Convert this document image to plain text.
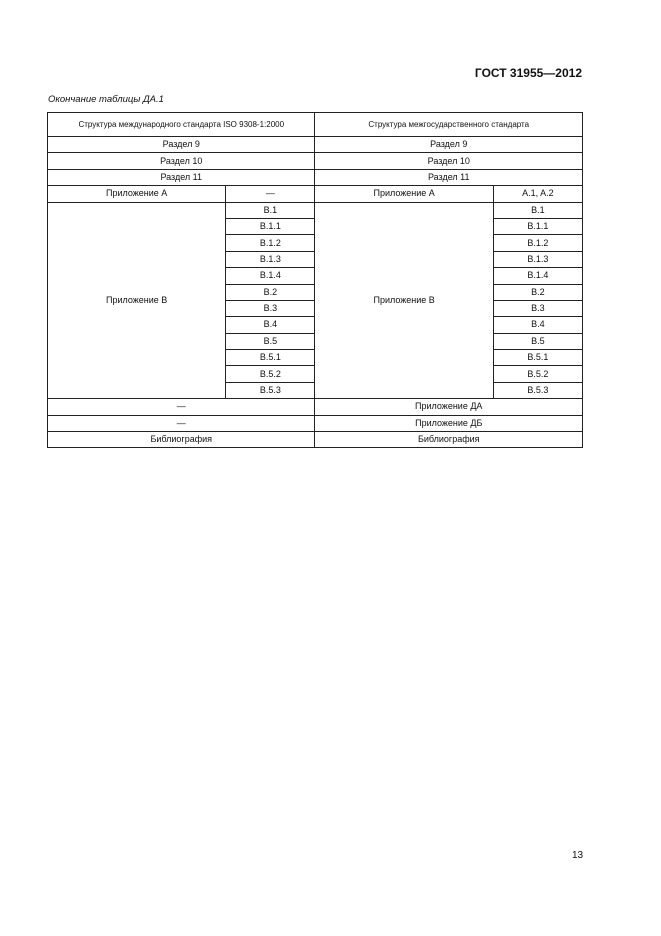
ГОСТ 31955—2012
Окончание таблицы ДА.1
Структура международного стандарта ISO 9308-1:2000		Структура межгосударственного стандарта	
Раздел 9		Раздел 9	
Раздел 10		Раздел 10	
Раздел 11		Раздел 11	
Приложение А	—	Приложение А	A.1, A.2
Приложение В	B.1	Приложение В	B.1
	B.1.1		B.1.1
	B.1.2		B.1.2
	B.1.3		B.1.3
	B.1.4		B.1.4
	B.2		B.2
	B.3		B.3
	B.4		B.4
	B.5		B.5
	B.5.1		B.5.1
	B.5.2		B.5.2
	B.5.3		B.5.3
—		Приложение ДА	
—		Приложение ДБ	
Библиография		Библиография	
13
